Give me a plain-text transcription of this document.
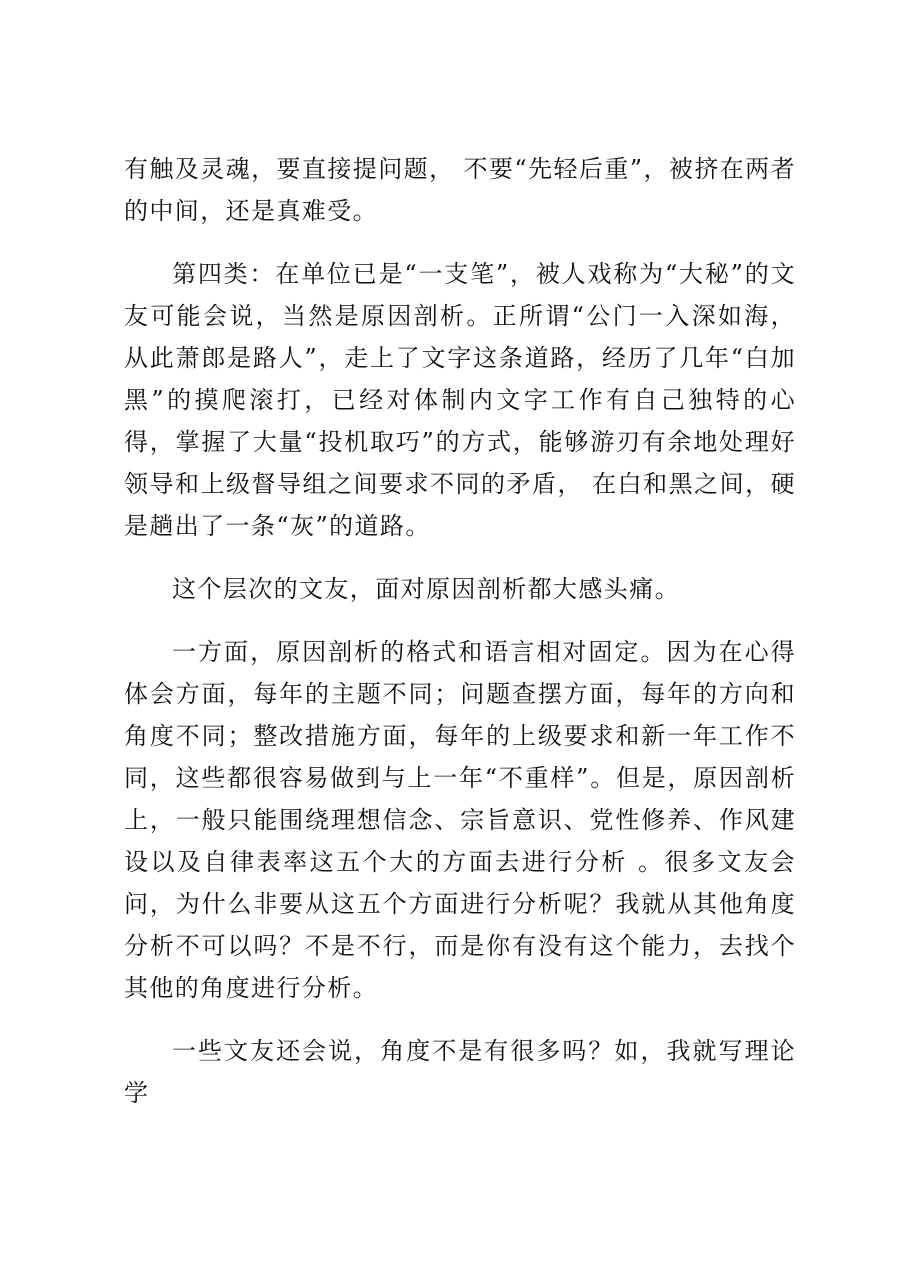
有触及灵魂，要直接提问题， 不要“先轻后重”，被挤在两者的中间，还是真难受。

第四类：在单位已是“一支笔”，被人戏称为“大秘”的文友可能会说，当然是原因剖析。正所谓“公门一入深如海，从此萧郎是路人”，走上了文字这条道路，经历了几年“白加黑”的摸爬滚打，已经对体制内文字工作有自己独特的心得，掌握了大量“投机取巧”的方式，能够游刃有余地处理好领导和上级督导组之间要求不同的矛盾， 在白和黑之间，硬是趟出了一条“灰”的道路。

这个层次的文友，面对原因剖析都大感头痛。

一方面，原因剖析的格式和语言相对固定。因为在心得体会方面，每年的主题不同；问题查摆方面，每年的方向和角度不同；整改措施方面，每年的上级要求和新一年工作不同，这些都很容易做到与上一年“不重样”。但是，原因剖析上，一般只能围绕理想信念、宗旨意识、党性修养、作风建设以及自律表率这五个大的方面去进行分析 。很多文友会问，为什么非要从这五个方面进行分析呢？我就从其他角度分析不可以吗？不是不行，而是你有没有这个能力，去找个其他的角度进行分析。

一些文友还会说，角度不是有很多吗？如，我就写理论学
